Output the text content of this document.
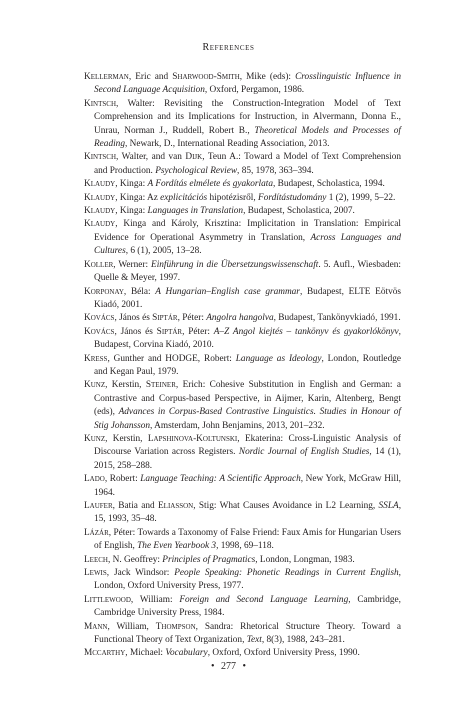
References

Kellerman, Eric and Sharwood-Smith, Mike (eds): Crosslinguistic Influence in Second Language Acquisition, Oxford, Pergamon, 1986.

Kintsch, Walter: Revisiting the Construction-Integration Model of Text Comprehension and its Implications for Instruction, in Alvermann, Donna E., Unrau, Norman J., Ruddell, Robert B., Theoretical Models and Processes of Reading, Newark, D., International Reading Association, 2013.

Kintsch, Walter, and van Dijk, Teun A.: Toward a Model of Text Comprehension and Production. Psychological Review, 85, 1978, 363–394.

Klaudy, Kinga: A Fordítás elmélete és gyakorlata, Budapest, Scholastica, 1994.

Klaudy, Kinga: Az explicitációs hipotézisről, Fordítástudomány 1 (2), 1999, 5–22.

Klaudy, Kinga: Languages in Translation, Budapest, Scholastica, 2007.

Klaudy, Kinga and Károly, Krisztina: Implicitation in Translation: Empirical Evidence for Operational Asymmetry in Translation, Across Languages and Cultures, 6 (1), 2005, 13–28.

Koller, Werner: Einführung in die Übersetzungswissenschaft. 5. Aufl., Wiesbaden: Quelle & Meyer, 1997.

Korponay, Béla: A Hungarian–English case grammar, Budapest, ELTE Eötvös Kiadó, 2001.

Kovács, János és Siptár, Péter: Angolra hangolva, Budapest, Tankönyvkiadó, 1991.

Kovács, János és Siptár, Péter: A–Z Angol kiejtés – tankönyv és gyakorlókönyv, Budapest, Corvina Kiadó, 2010.

Kress, Gunther and HODGE, Robert: Language as Ideology, London, Routledge and Kegan Paul, 1979.

Kunz, Kerstin, Steiner, Erich: Cohesive Substitution in English and German: a Contrastive and Corpus-based Perspective, in Aijmer, Karin, Altenberg, Bengt (eds), Advances in Corpus-Based Contrastive Linguistics. Studies in Honour of Stig Johansson, Amsterdam, John Benjamins, 2013, 201–232.

Kunz, Kerstin, Lapshinova-Koltunski, Ekaterina: Cross-Linguistic Analysis of Discourse Variation across Registers. Nordic Journal of English Studies, 14 (1), 2015, 258–288.

Lado, Robert: Language Teaching: A Scientific Approach, New York, McGraw Hill, 1964.

Laufer, Batia and Eliasson, Stig: What Causes Avoidance in L2 Learning, SSLA, 15, 1993, 35–48.

Lázár, Péter: Towards a Taxonomy of False Friend: Faux Amis for Hungarian Users of English, The Even Yearbook 3, 1998, 69–118.

Leech, N. Geoffrey: Principles of Pragmatics, London, Longman, 1983.

Lewis, Jack Windsor: People Speaking: Phonetic Readings in Current English, London, Oxford University Press, 1977.

Littlewood, William: Foreign and Second Language Learning, Cambridge, Cambridge University Press, 1984.

Mann, William, Thompson, Sandra: Rhetorical Structure Theory. Toward a Functional Theory of Text Organization, Text, 8(3), 1988, 243–281.

Mccarthy, Michael: Vocabulary, Oxford, Oxford University Press, 1990.

• 277 •
